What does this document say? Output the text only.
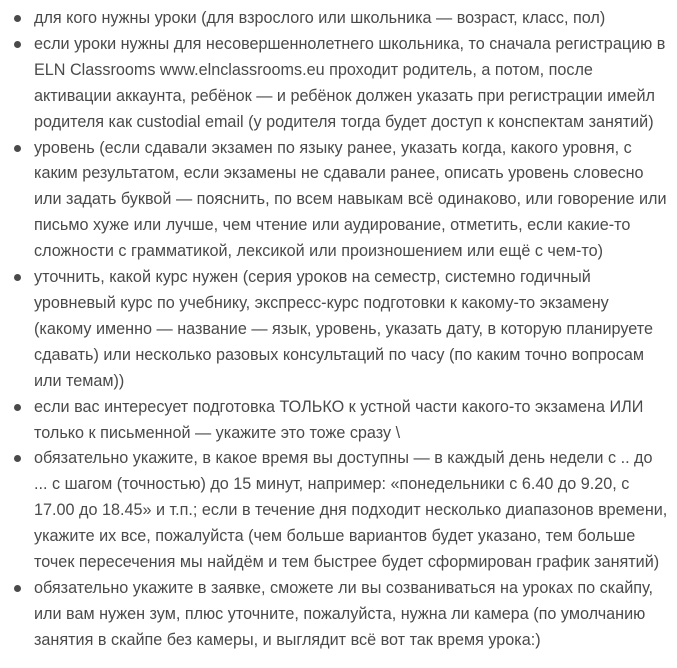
для кого нужны уроки (для взрослого или школьника — возраст, класс, пол)
если уроки нужны для несовершеннолетнего школьника, то сначала регистрацию в ELN Classrooms www.elnclassrooms.eu проходит родитель, а потом, после активации аккаунта, ребёнок — и ребёнок должен указать при регистрации имейл родителя как custodial email (у родителя тогда будет доступ к конспектам занятий)
уровень (если сдавали экзамен по языку ранее, указать когда, какого уровня, с каким результатом, если экзамены не сдавали ранее, описать уровень словесно или задать буквой — пояснить, по всем навыкам всё одинаково, или говорение или письмо хуже или лучше, чем чтение или аудирование, отметить, если какие-то сложности с грамматикой, лексикой или произношением или ещё с чем-то)
уточнить, какой курс нужен (серия уроков на семестр, системно годичный уровневый курс по учебнику, экспресс-курс подготовки к какому-то экзамену (какому именно — название — язык, уровень, указать дату, в которую планируете сдавать) или несколько разовых консультаций по часу (по каким точно вопросам или темам))
если вас интересует подготовка ТОЛЬКО к устной части какого-то экзамена ИЛИ только к письменной — укажите это тоже сразу \
обязательно укажите, в какое время вы доступны — в каждый день недели с .. до ... с шагом (точностью) до 15 минут, например: «понедельники с 6.40 до 9.20, с 17.00 до 18.45» и т.п.; если в течение дня подходит несколько диапазонов времени, укажите их все, пожалуйста (чем больше вариантов будет указано, тем больше точек пересечения мы найдём и тем быстрее будет сформирован график занятий)
обязательно укажите в заявке, сможете ли вы созваниваться на уроках по скайпу, или вам нужен зум, плюс уточните, пожалуйста, нужна ли камера (по умолчанию занятия в скайпе без камеры, и выглядит всё вот так время урока:)
